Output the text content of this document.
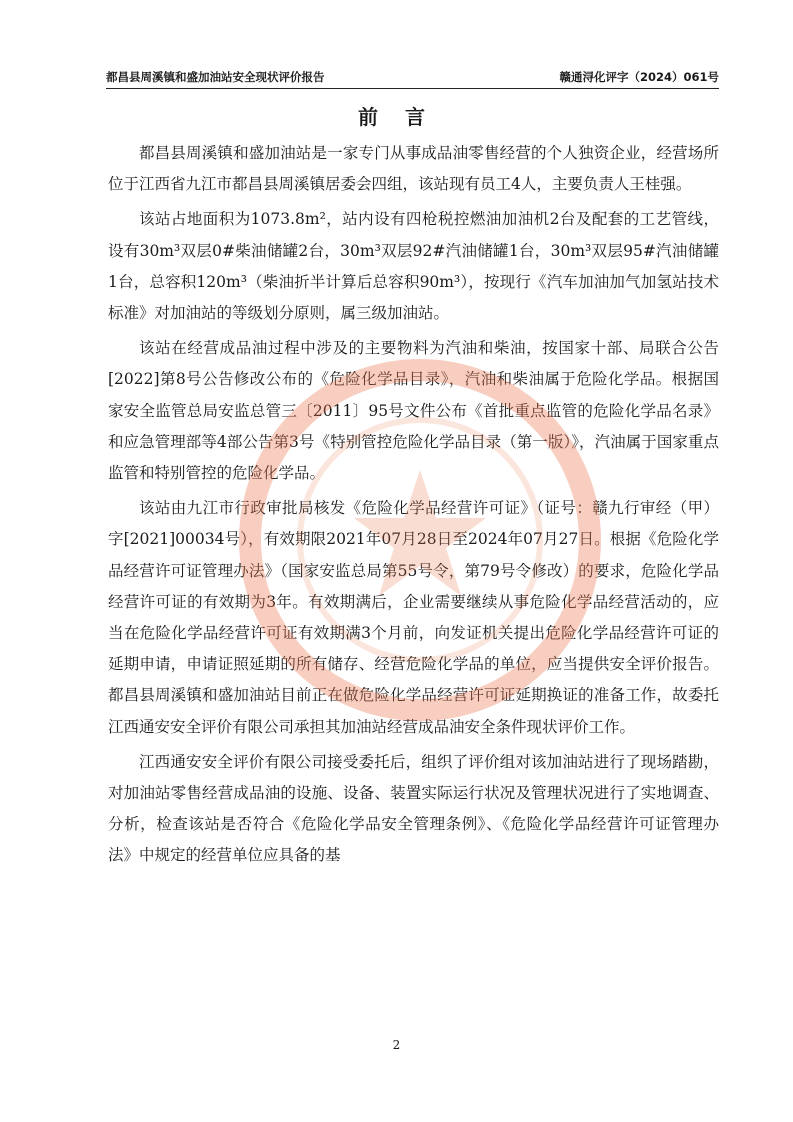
都昌县周溪镇和盛加油站安全现状评价报告	赣通浔化评字（2024）061号
前 言

都昌县周溪镇和盛加油站是一家专门从事成品油零售经营的个人独资企业，经营场所位于江西省九江市都昌县周溪镇居委会四组，该站现有员工4人，主要负责人王桂强。

该站占地面积为1073.8m²，站内设有四枪税控燃油加油机2台及配套的工艺管线，设有30m³双层0#柴油储罐2台，30m³双层92#汽油储罐1台，30m³双层95#汽油储罐1台，总容积120m³（柴油折半计算后总容积90m³），按现行《汽车加油加气加氢站技术标准》对加油站的等级划分原则，属三级加油站。

该站在经营成品油过程中涉及的主要物料为汽油和柴油，按国家十部、局联合公告[2022]第8号公告修改公布的《危险化学品目录》，汽油和柴油属于危险化学品。根据国家安全监管总局安监总管三〔2011〕95号文件公布《首批重点监管的危险化学品名录》和应急管理部等4部公告第3号《特别管控危险化学品目录（第一版）》，汽油属于国家重点监管和特别管控的危险化学品。

该站由九江市行政审批局核发《危险化学品经营许可证》（证号：赣九行审经（甲）字[2021]00034号），有效期限2021年07月28日至2024年07月27日。根据《危险化学品经营许可证管理办法》（国家安监总局第55号令，第79号令修改）的要求，危险化学品经营许可证的有效期为3年。有效期满后，企业需要继续从事危险化学品经营活动的，应当在危险化学品经营许可证有效期满3个月前，向发证机关提出危险化学品经营许可证的延期申请，申请证照延期的所有储存、经营危险化学品的单位，应当提供安全评价报告。都昌县周溪镇和盛加油站目前正在做危险化学品经营许可证延期换证的准备工作，故委托江西通安安全评价有限公司承担其加油站经营成品油安全条件现状评价工作。

江西通安安全评价有限公司接受委托后，组织了评价组对该加油站进行了现场踏勘，对加油站零售经营成品油的设施、设备、装置实际运行状况及管理状况进行了实地调查、分析，检查该站是否符合《危险化学品安全管理条例》、《危险化学品经营许可证管理办法》中规定的经营单位应具备的基

2
